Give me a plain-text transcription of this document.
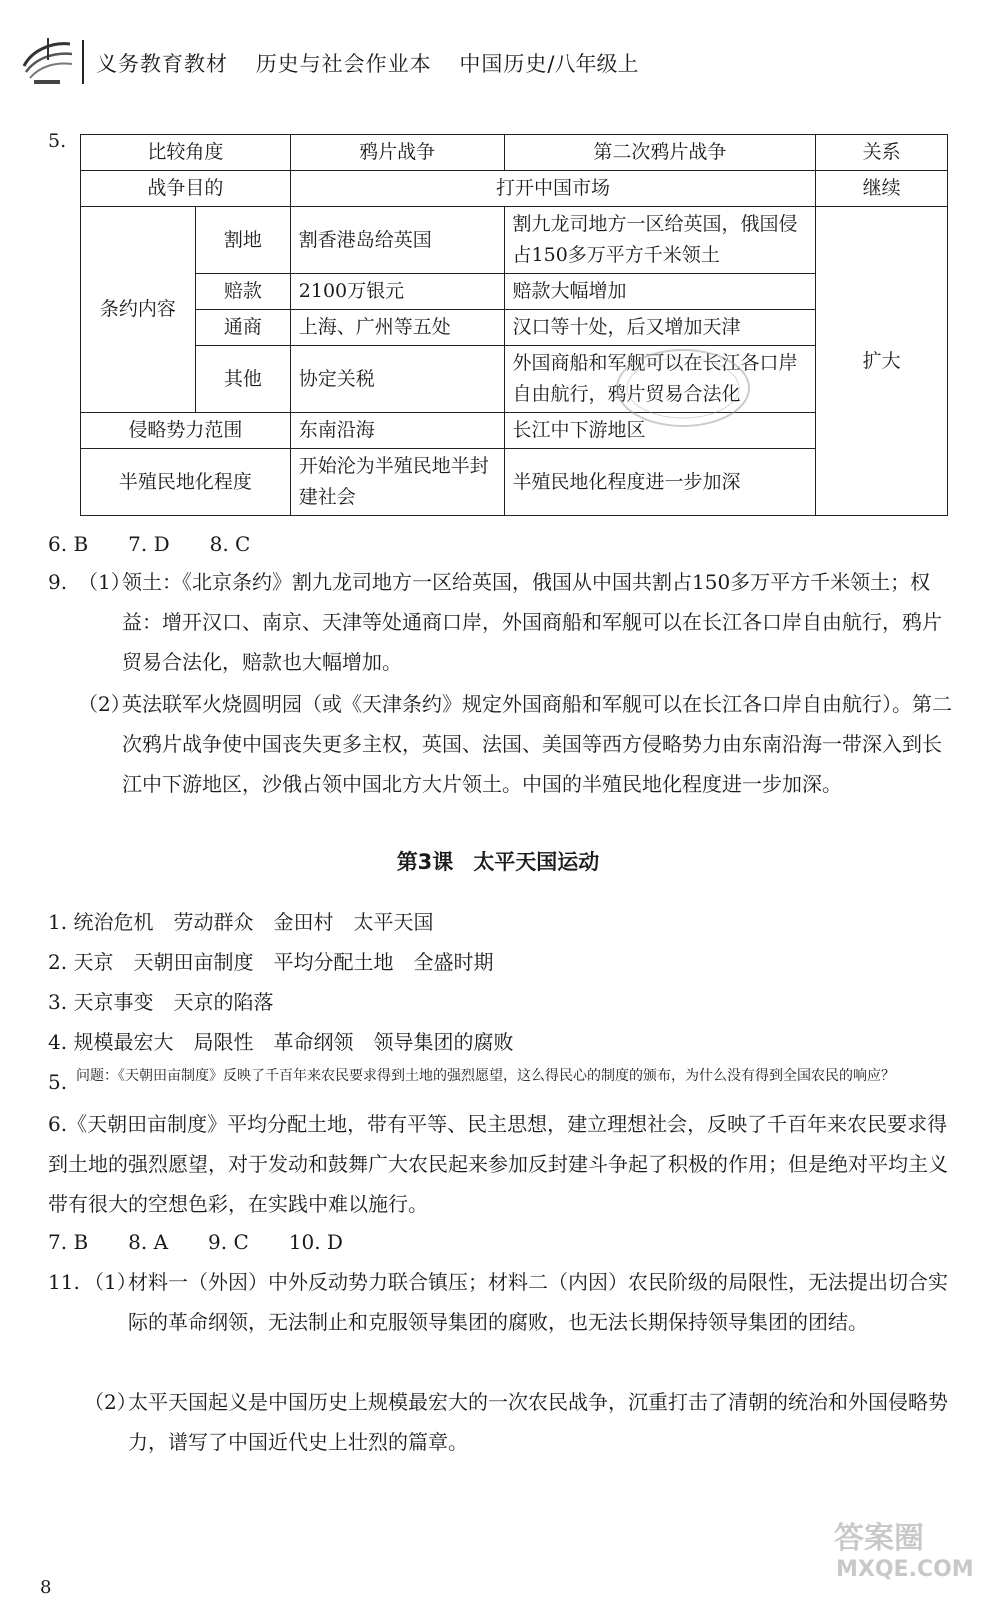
义务教育教材 历史与社会作业本 中国历史/八年级上
5.	比较角度		鸦片战争	第二次鸦片战争	关系
战争目的		打开中国市场		继续
条约内容	割地	割香港岛给英国	割九龙司地方一区给英国，俄国侵占150多万平方千米领土	扩大
	赔款	2100万银元	赔款大幅增加	
	通商	上海、广州等五处	汉口等十处，后又增加天津	
	其他	协定关税	外国商船和军舰可以在长江各口岸自由航行，鸦片贸易合法化	
侵略势力范围		东南沿海	长江中下游地区	
半殖民地化程度		开始沦为半殖民地半封建社会	半殖民地化程度进一步加深	
6. B　　7. D　　8. C
9. （1）
领土：《北京条约》割九龙司地方一区给英国，俄国从中国共割占150多万平方千米领土；权益：增开汉口、南京、天津等处通商口岸，外国商船和军舰可以在长江各口岸自由航行，鸦片贸易合法化，赔款也大幅增加。
（2）
英法联军火烧圆明园（或《天津条约》规定外国商船和军舰可以在长江各口岸自由航行）。第二次鸦片战争使中国丧失更多主权，英国、法国、美国等西方侵略势力由东南沿海一带深入到长江中下游地区，沙俄占领中国北方大片领土。中国的半殖民地化程度进一步加深。
第3课 太平天国运动
1. 统治危机　劳动群众　金田村　太平天国
2. 天京　天朝田亩制度　平均分配土地　全盛时期
3. 天京事变　天京的陷落
4. 规模最宏大　局限性　革命纲领　领导集团的腐败
5. 问题：《天朝田亩制度》反映了千百年来农民要求得到土地的强烈愿望，这么得民心的制度的颁布，为什么没有得到全国农民的响应？
6.《天朝田亩制度》平均分配土地，带有平等、民主思想，建立理想社会，反映了千百年来农民要求得到土地的强烈愿望，对于发动和鼓舞广大农民起来参加反封建斗争起了积极的作用；但是绝对平均主义带有很大的空想色彩，在实践中难以施行。
7. B　　8. A　　9. C　　10. D
11. （1）
材料一（外因）中外反动势力联合镇压；材料二（内因）农民阶级的局限性，无法提出切合实际的革命纲领，无法制止和克服领导集团的腐败，也无法长期保持领导集团的团结。
（2）
太平天国起义是中国历史上规模最宏大的一次农民战争，沉重打击了清朝的统治和外国侵略势力，谱写了中国近代史上壮烈的篇章。
答案圈
MXQE.COM
8
